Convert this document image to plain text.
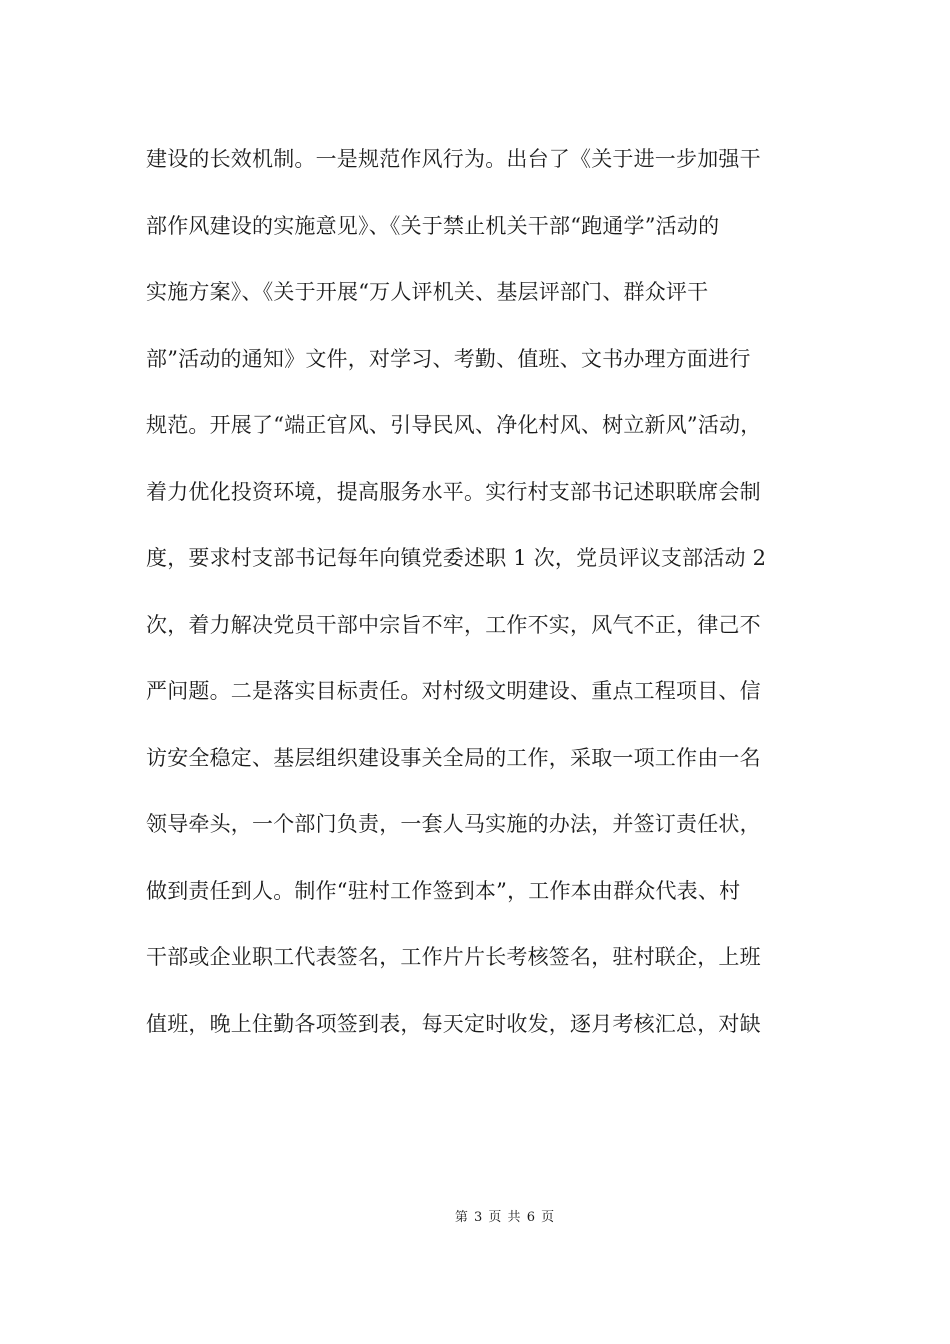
建设的长效机制。一是规范作风行为。出台了《关于进一步加强干
部作风建设的实施意见》、《关于禁止机关干部“跑通学”活动的
实施方案》、《关于开展“万人评机关、基层评部门、群众评干
部”活动的通知》文件，对学习、考勤、值班、文书办理方面进行
规范。开展了“端正官风、引导民风、净化村风、树立新风”活动，
着力优化投资环境，提高服务水平。实行村支部书记述职联席会制
度，要求村支部书记每年向镇党委述职 1 次，党员评议支部活动 2
次，着力解决党员干部中宗旨不牢，工作不实，风气不正，律己不
严问题。二是落实目标责任。对村级文明建设、重点工程项目、信
访安全稳定、基层组织建设事关全局的工作，采取一项工作由一名
领导牵头，一个部门负责，一套人马实施的办法，并签订责任状，
做到责任到人。制作“驻村工作签到本”，工作本由群众代表、村
干部或企业职工代表签名，工作片片长考核签名，驻村联企，上班
值班，晚上住勤各项签到表，每天定时收发，逐月考核汇总，对缺
第 3 页 共 6 页
